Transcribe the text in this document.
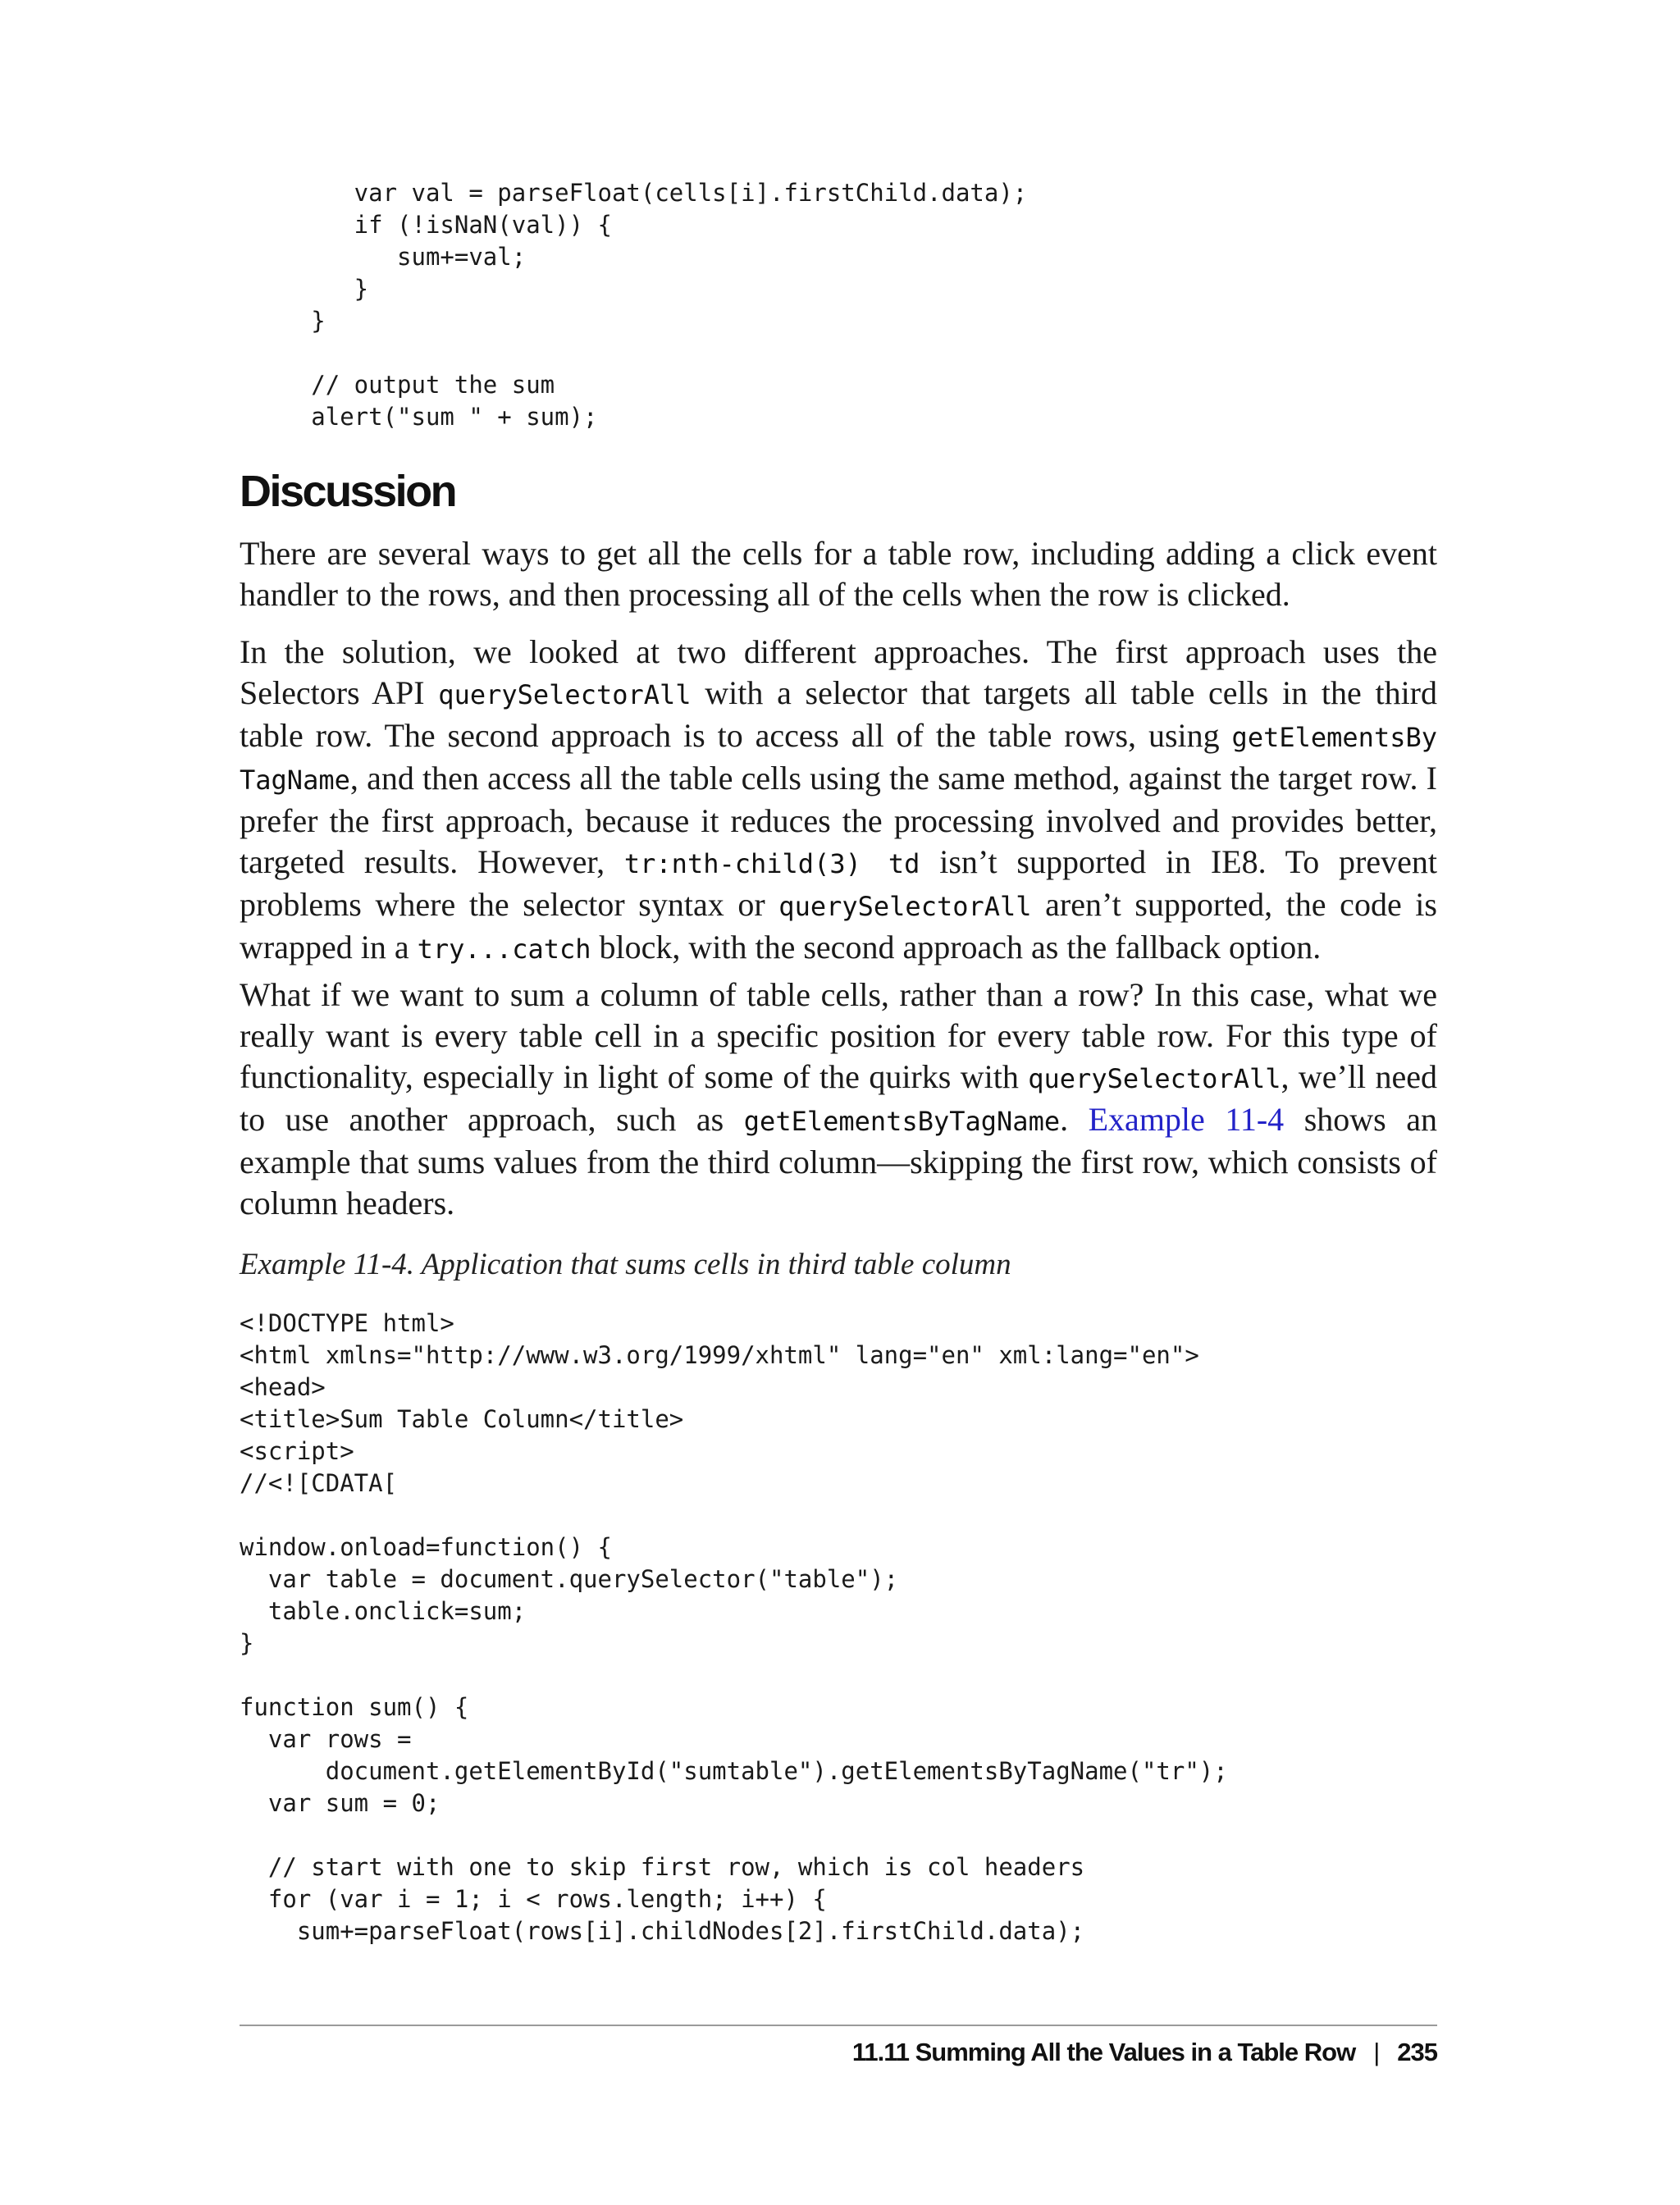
var val = parseFloat(cells[i].firstChild.data);
if (!isNaN(val)) {
sum+=val;
}
}

// output the sum
alert("sum " + sum);
Discussion

There are several ways to get all the cells for a table row, including adding a click event handler to the rows, and then processing all of the cells when the row is clicked.

In the solution, we looked at two different approaches. The first approach uses the Selectors API querySelectorAll with a selector that targets all table cells in the third table row. The second approach is to access all of the table rows, using getElementsBy​TagName, and then access all the table cells using the same method, against the target row. I prefer the first approach, because it reduces the processing involved and provides better, targeted results. However, tr:nth-child(3) td isn’t supported in IE8. To prevent problems where the selector syntax or querySelectorAll aren’t supported, the code is wrapped in a try...catch block, with the second approach as the fallback option.

What if we want to sum a column of table cells, rather than a row? In this case, what we really want is every table cell in a specific position for every table row. For this type of functionality, especially in light of some of the quirks with querySelectorAll, we’ll need to use another approach, such as getElementsByTagName. Example 11-4 shows an example that sums values from the third column—skipping the first row, which consists of column headers.

Example 11-4. Application that sums cells in third table column

<!DOCTYPE html>
<html xmlns="http://www.w3.org/1999/xhtml" lang="en" xml:lang="en">
<head>
<title>Sum Table Column</title>
<script>
//<![CDATA[

window.onload=function() {
var table = document.querySelector("table");
table.onclick=sum;
}

function sum() {
var rows =
document.getElementById("sumtable").getElementsByTagName("tr");
var sum = 0;

// start with one to skip first row, which is col headers
for (var i = 1; i < rows.length; i++) {
sum+=parseFloat(rows[i].childNodes[2].firstChild.data);

11.11 Summing All the Values in a Table Row | 235
